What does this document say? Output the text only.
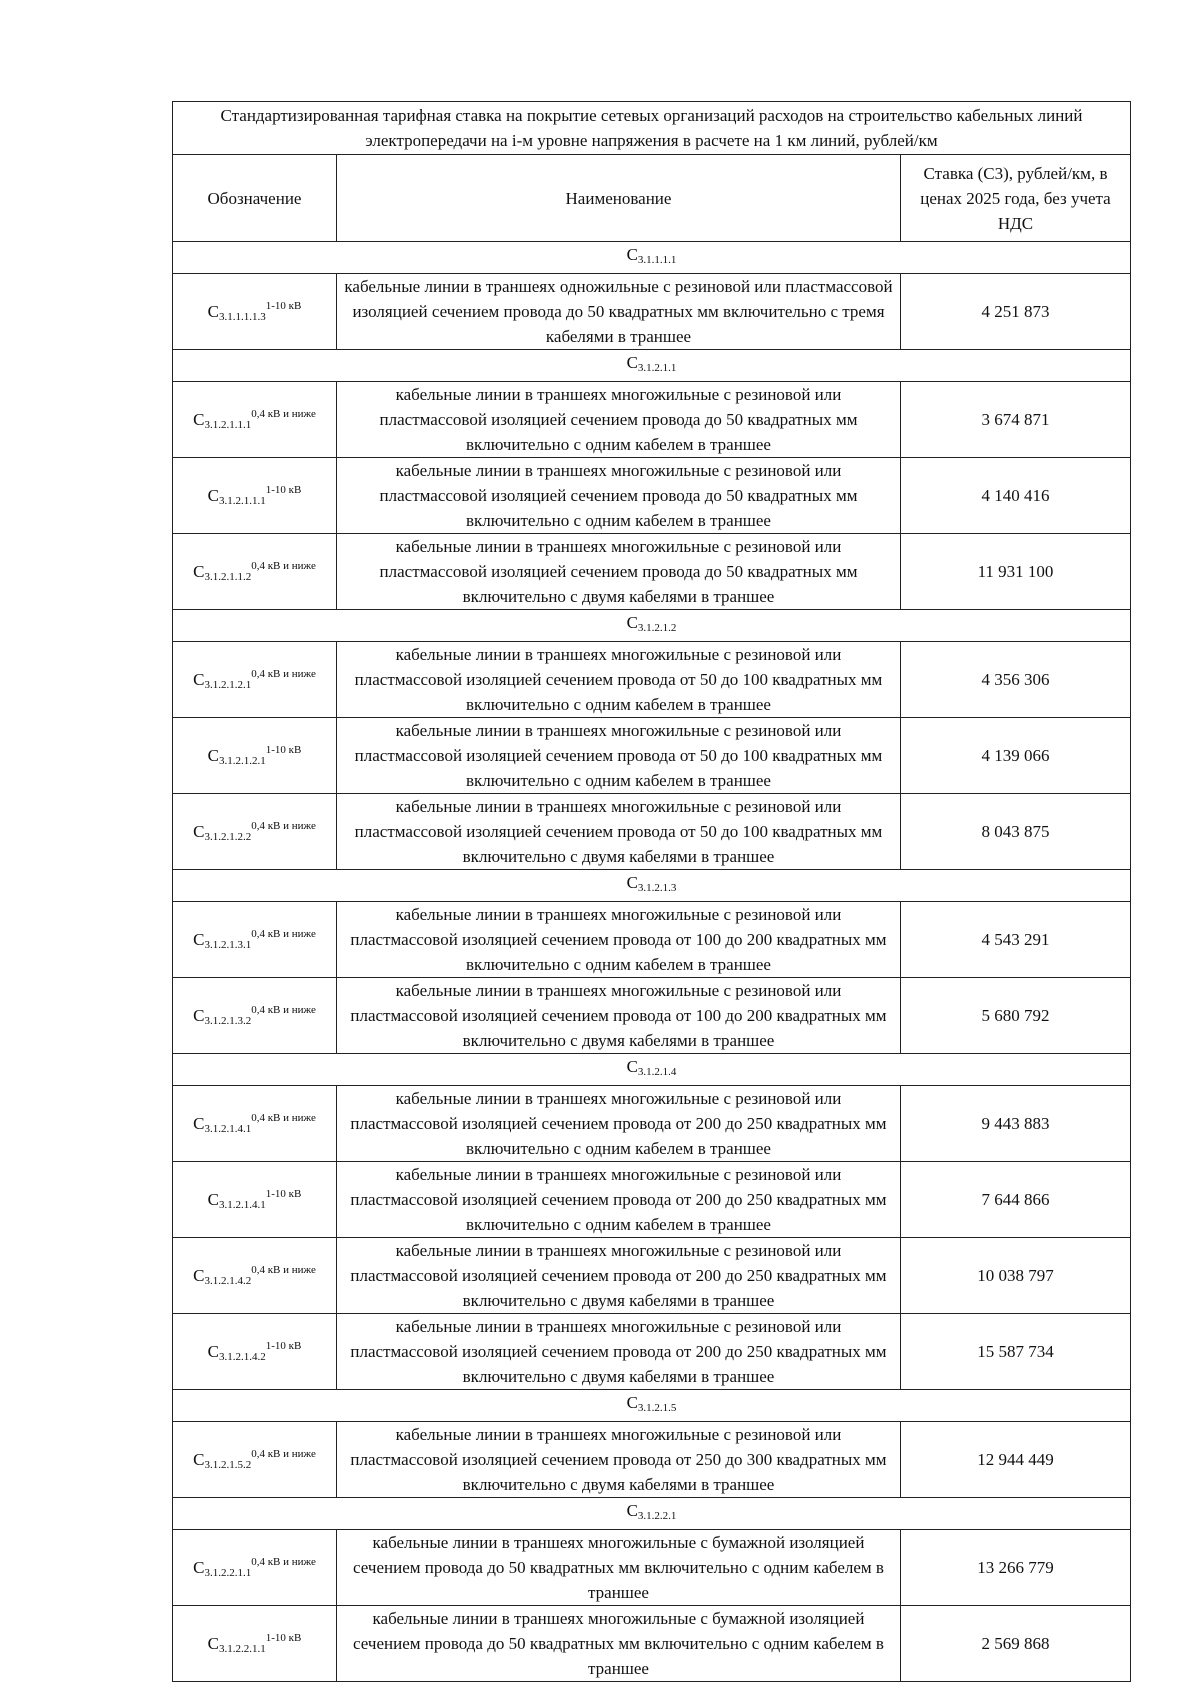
Стандартизированная тарифная ставка на покрытие сетевых организаций расходов на строительство кабельных линий электропередачи на i-м уровне напряжения в расчете на 1 км линий, рублей/км		
Обозначение	Наименование	Ставка (С3), рублей/км, в ценах 2025 года, без учета НДС
$C_{3.1.1.1.1}$
$C_{3.1.1.1.1.3}^{1-10 кВ}$	кабельные линии в траншеях одножильные с резиновой или пластмассовой изоляцией сечением провода до 50 квадратных мм включительно с тремя кабелями в траншее	4 251 873
$C_{3.1.2.1.1}$
$C_{3.1.2.1.1.1}^{0,4 кВ и ниже}$	кабельные линии в траншеях многожильные с резиновой или пластмассовой изоляцией сечением провода до 50 квадратных мм включительно с одним кабелем в траншее	3 674 871
$C_{3.1.2.1.1.1}^{1-10 кВ}$	кабельные линии в траншеях многожильные с резиновой или пластмассовой изоляцией сечением провода до 50 квадратных мм включительно с одним кабелем в траншее	4 140 416
$C_{3.1.2.1.1.2}^{0,4 кВ и ниже}$	кабельные линии в траншеях многожильные с резиновой или пластмассовой изоляцией сечением провода до 50 квадратных мм включительно с двумя кабелями в траншее	11 931 100
$C_{3.1.2.1.2}$
$C_{3.1.2.1.2.1}^{0,4 кВ и ниже}$	кабельные линии в траншеях многожильные с резиновой или пластмассовой изоляцией сечением провода от 50 до 100 квадратных мм включительно с одним кабелем в траншее	4 356 306
$C_{3.1.2.1.2.1}^{1-10 кВ}$	кабельные линии в траншеях многожильные с резиновой или пластмассовой изоляцией сечением провода от 50 до 100 квадратных мм включительно с одним кабелем в траншее	4 139 066
$C_{3.1.2.1.2.2}^{0,4 кВ и ниже}$	кабельные линии в траншеях многожильные с резиновой или пластмассовой изоляцией сечением провода от 50 до 100 квадратных мм включительно с двумя кабелями в траншее	8 043 875
$C_{3.1.2.1.3}$
$C_{3.1.2.1.3.1}^{0,4 кВ и ниже}$	кабельные линии в траншеях многожильные с резиновой или пластмассовой изоляцией сечением провода от 100 до 200 квадратных мм включительно с одним кабелем в траншее	4 543 291
$C_{3.1.2.1.3.2}^{0,4 кВ и ниже}$	кабельные линии в траншеях многожильные с резиновой или пластмассовой изоляцией сечением провода от 100 до 200 квадратных мм включительно с двумя кабелями в траншее	5 680 792
$C_{3.1.2.1.4}$
$C_{3.1.2.1.4.1}^{0,4 кВ и ниже}$	кабельные линии в траншеях многожильные с резиновой или пластмассовой изоляцией сечением провода от 200 до 250 квадратных мм включительно с одним кабелем в траншее	9 443 883
$C_{3.1.2.1.4.1}^{1-10 кВ}$	кабельные линии в траншеях многожильные с резиновой или пластмассовой изоляцией сечением провода от 200 до 250 квадратных мм включительно с одним кабелем в траншее	7 644 866
$C_{3.1.2.1.4.2}^{0,4 кВ и ниже}$	кабельные линии в траншеях многожильные с резиновой или пластмассовой изоляцией сечением провода от 200 до 250 квадратных мм включительно с двумя кабелями в траншее	10 038 797
$C_{3.1.2.1.4.2}^{1-10 кВ}$	кабельные линии в траншеях многожильные с резиновой или пластмассовой изоляцией сечением провода от 200 до 250 квадратных мм включительно с двумя кабелями в траншее	15 587 734
$C_{3.1.2.1.5}$
$C_{3.1.2.1.5.2}^{0,4 кВ и ниже}$	кабельные линии в траншеях многожильные с резиновой или пластмассовой изоляцией сечением провода от 250 до 300 квадратных мм включительно с двумя кабелями в траншее	12 944 449
$C_{3.1.2.2.1}$
$C_{3.1.2.2.1.1}^{0,4 кВ и ниже}$	кабельные линии в траншеях многожильные с бумажной изоляцией сечением провода до 50 квадратных мм включительно с одним кабелем в траншее	13 266 779
$C_{3.1.2.2.1.1}^{1-10 кВ}$	кабельные линии в траншеях многожильные с бумажной изоляцией сечением провода до 50 квадратных мм включительно с одним кабелем в траншее	2 569 868
